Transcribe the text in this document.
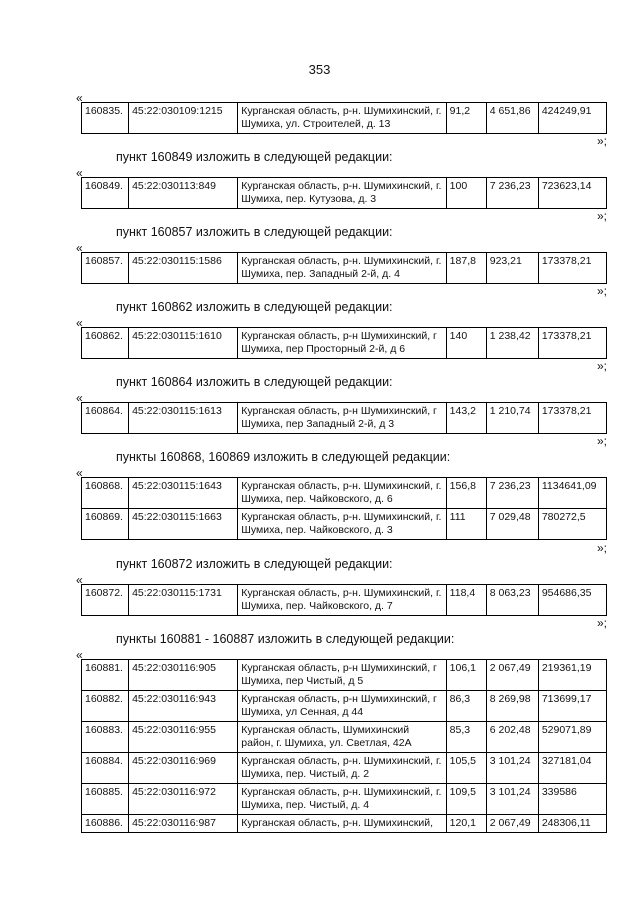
353
«
160835.	45:22:030109:1215	Курганская область, р-н. Шумихинский, г. Шумиха, ул. Строителей, д. 13	91,2	4 651,86	424249,91
»;
пункт 160849 изложить в следующей редакции:
«
160849.	45:22:030113:849	Курганская область, р-н. Шумихинский, г. Шумиха, пер. Кутузова, д. 3	100	7 236,23	723623,14
»;
пункт 160857 изложить в следующей редакции:
«
160857.	45:22:030115:1586	Курганская область, р-н. Шумихинский, г. Шумиха, пер. Западный 2-й, д. 4	187,8	923,21	173378,21
»;
пункт 160862 изложить в следующей редакции:
«
160862.	45:22:030115:1610	Курганская область, р-н Шумихинский, г Шумиха, пер Просторный 2-й, д 6	140	1 238,42	173378,21
»;
пункт 160864 изложить в следующей редакции:
«
160864.	45:22:030115:1613	Курганская область, р-н Шумихинский, г Шумиха, пер Западный 2-й, д 3	143,2	1 210,74	173378,21
»;
пункты 160868, 160869 изложить в следующей редакции:
«
160868.	45:22:030115:1643	Курганская область, р-н. Шумихинский, г. Шумиха, пер. Чайковского, д. 6	156,8	7 236,23	1134641,09
160869.	45:22:030115:1663	Курганская область, р-н. Шумихинский, г. Шумиха, пер. Чайковского, д. 3	111	7 029,48	780272,5
»;
пункт 160872 изложить в следующей редакции:
«
160872.	45:22:030115:1731	Курганская область, р-н. Шумихинский, г. Шумиха, пер. Чайковского, д. 7	118,4	8 063,23	954686,35
»;
пункты 160881 - 160887 изложить в следующей редакции:
«
160881.	45:22:030116:905	Курганская область, р-н Шумихинский, г Шумиха, пер Чистый, д 5	106,1	2 067,49	219361,19
160882.	45:22:030116:943	Курганская область, р-н Шумихинский, г Шумиха, ул Сенная, д 44	86,3	8 269,98	713699,17
160883.	45:22:030116:955	Курганская область, Шумихинский район, г. Шумиха, ул. Светлая, 42А	85,3	6 202,48	529071,89
160884.	45:22:030116:969	Курганская область, р-н. Шумихинский, г. Шумиха, пер. Чистый, д. 2	105,5	3 101,24	327181,04
160885.	45:22:030116:972	Курганская область, р-н. Шумихинский, г. Шумиха, пер. Чистый, д. 4	109,5	3 101,24	339586
160886.	45:22:030116:987	Курганская область, р-н. Шумихинский,	120,1	2 067,49	248306,11
